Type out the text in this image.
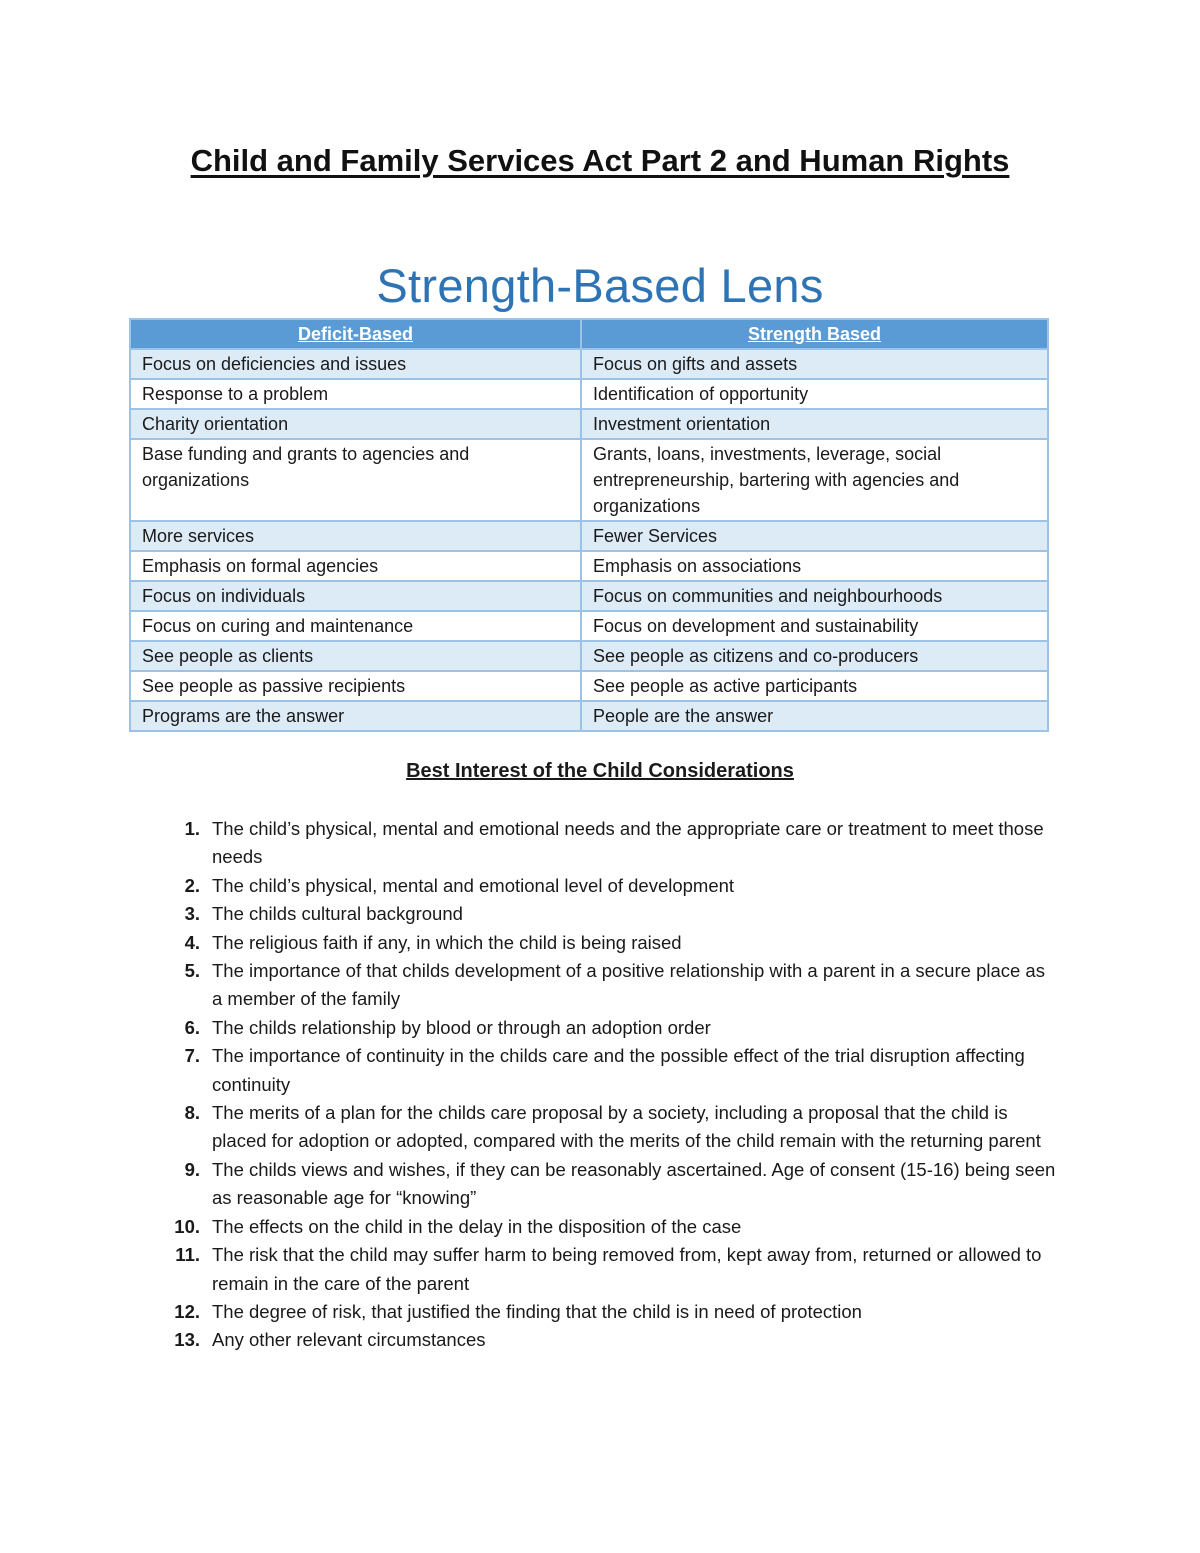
Child and Family Services Act Part 2 and Human Rights
Strength-Based Lens
Deficit-Based	Strength Based
Focus on deficiencies and issues	Focus on gifts and assets
Response to a problem	Identification of opportunity
Charity orientation	Investment orientation
Base funding and grants to agencies and organizations	Grants, loans, investments, leverage, social entrepreneurship, bartering with agencies and organizations
More services	Fewer Services
Emphasis on formal agencies	Emphasis on associations
Focus on individuals	Focus on communities and neighbourhoods
Focus on curing and maintenance	Focus on development and sustainability
See people as clients	See people as citizens and co-producers
See people as passive recipients	See people as active participants
Programs are the answer	People are the answer
Best Interest of the Child Considerations
1. The child’s physical, mental and emotional needs and the appropriate care or treatment to meet those needs
2. The child’s physical, mental and emotional level of development
3. The childs cultural background
4. The religious faith if any, in which the child is being raised
5. The importance of that childs development of a positive relationship with a parent in a secure place as a member of the family
6. The childs relationship by blood or through an adoption order
7. The importance of continuity in the childs care and the possible effect of the trial disruption affecting continuity
8. The merits of a plan for the childs care proposal by a society, including a proposal that the child is placed for adoption or adopted, compared with the merits of the child remain with the returning parent
9. The childs views and wishes, if they can be reasonably ascertained. Age of consent (15-16) being seen as reasonable age for “knowing”
10. The effects on the child in the delay in the disposition of the case
11. The risk that the child may suffer harm to being removed from, kept away from, returned or allowed to remain in the care of the parent
12. The degree of risk, that justified the finding that the child is in need of protection
13. Any other relevant circumstances
